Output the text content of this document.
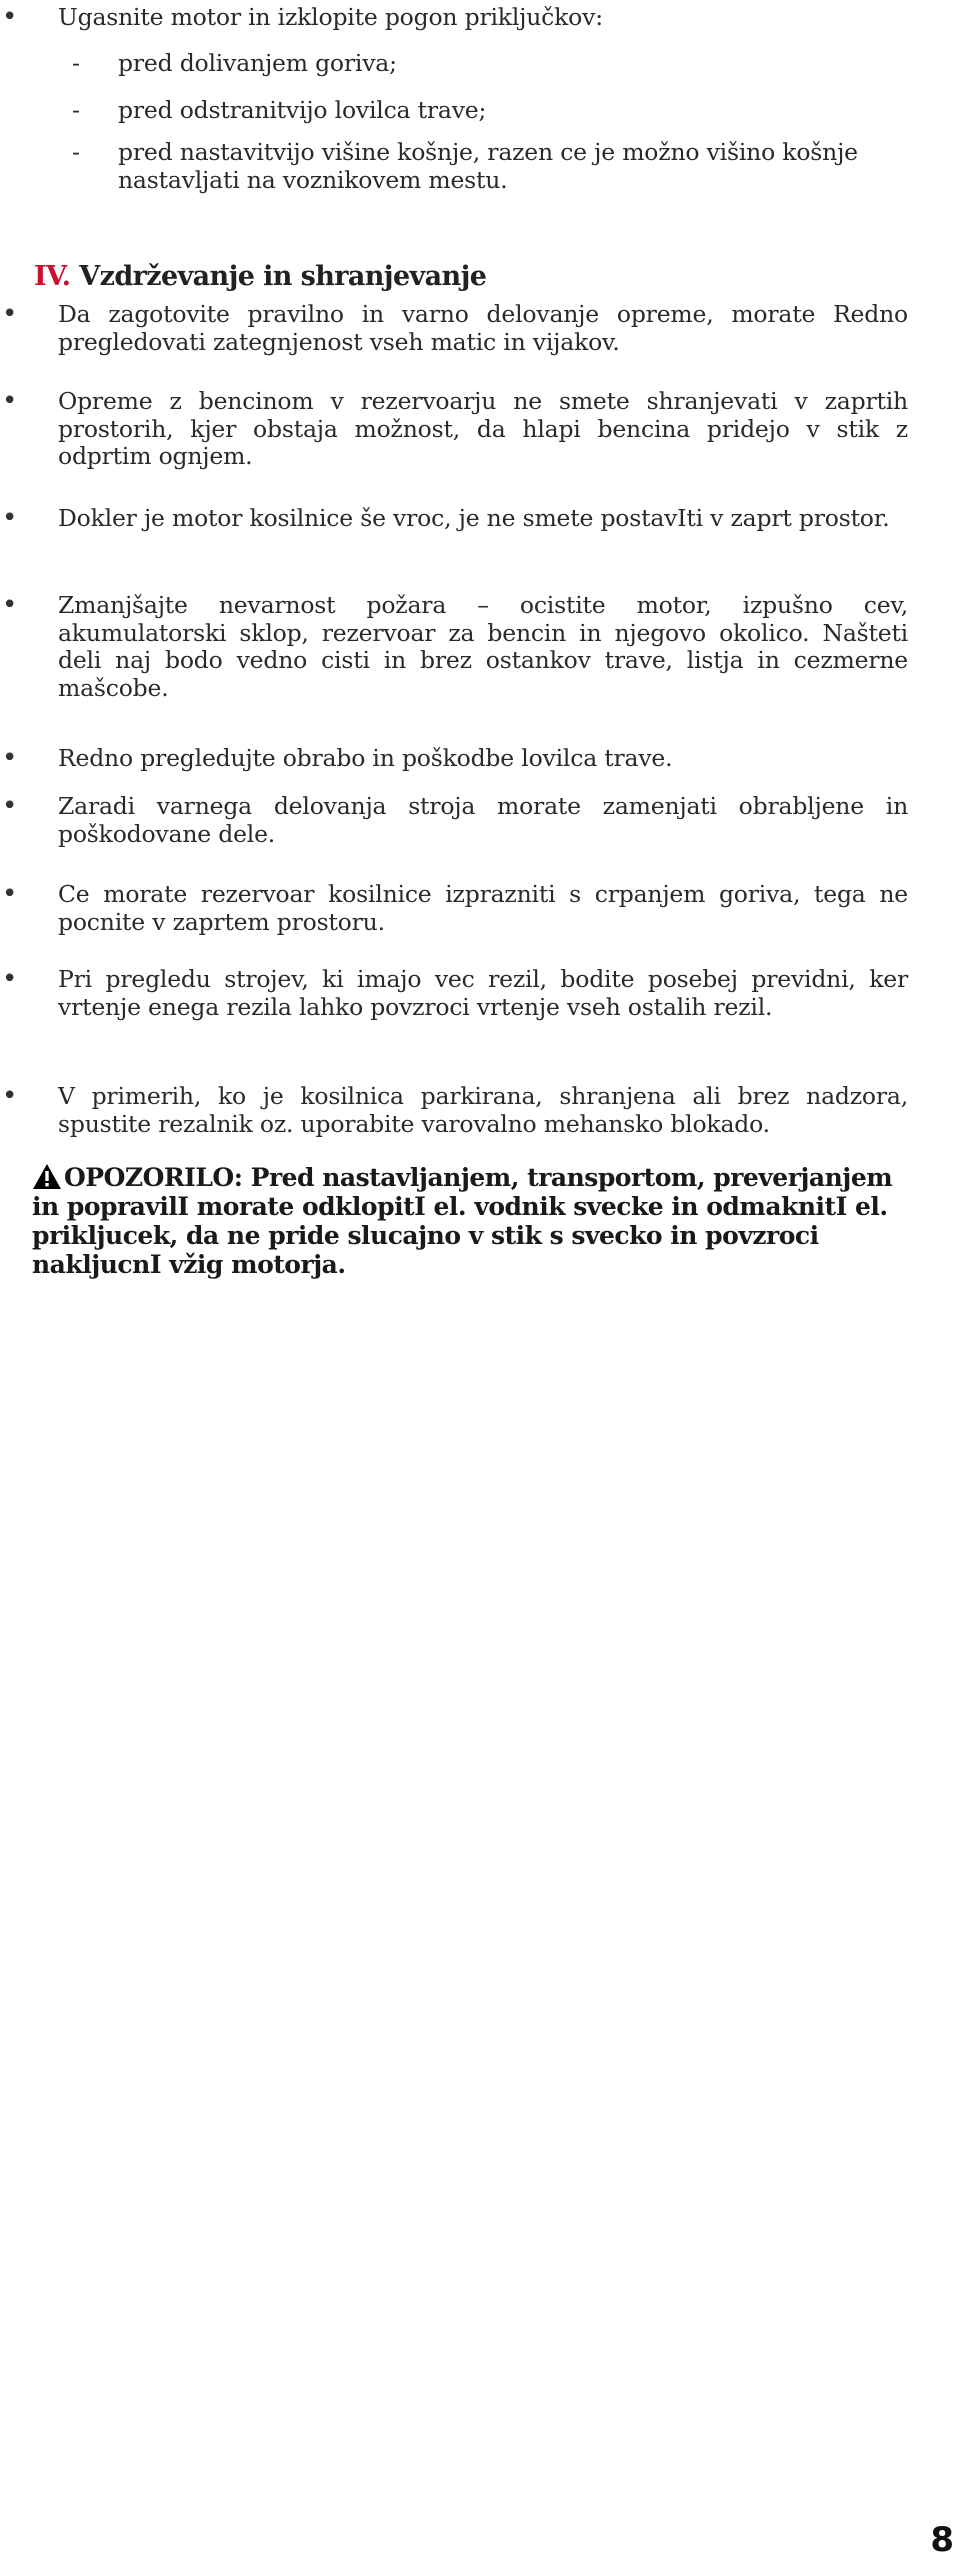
• Ugasnite motor in izklopite pogon priključkov:
-	pred dolivanjem goriva;
-	pred odstranitvijo lovilca trave;
-	pred nastavitvijo višine košnje, razen ce je možno višino košnje nastavljati na voznikovem mestu.
IV. Vzdrževanje in shranjevanje
• Da zagotovite pravilno in varno delovanje opreme, morate Redno pregledovati zategnjenost vseh matic in vijakov.
• Opreme z bencinom v rezervoarju ne smete shranjevati v zaprtih prostorih, kjer obstaja možnost, da hlapi bencina pridejo v stik z odprtim ognjem.
• Dokler je motor kosilnice še vroc, je ne smete postavIti v zaprt prostor.
• Zmanjšajte nevarnost požara – ocistite motor, izpušno cev, akumulatorski sklop, rezervoar za bencin in njegovo okolico. Našteti deli naj bodo vedno cisti in brez ostankov trave, listja in cezmerne mašcobe.
• Redno pregledujte obrabo in poškodbe lovilca trave.
• Zaradi varnega delovanja stroja morate zamenjati obrabljene in poškodovane dele.
• Ce morate rezervoar kosilnice izprazniti s crpanjem goriva, tega ne pocnite v zaprtem prostoru.
• Pri pregledu strojev, ki imajo vec rezil, bodite posebej previdni, ker vrtenje enega rezila lahko povzroci vrtenje vseh ostalih rezil.
• V primerih, ko je kosilnica parkirana, shranjena ali brez nadzora, spustite rezalnik oz. uporabite varovalno mehansko blokado.
OPOZORILO: Pred nastavljanjem, transportom, preverjanjem in popravilI morate odklopitI el. vodnik svecke in odmaknitI el. prikljucek, da ne pride slucajno v stik s svecko in povzroci nakljucnI vžig motorja.
8
